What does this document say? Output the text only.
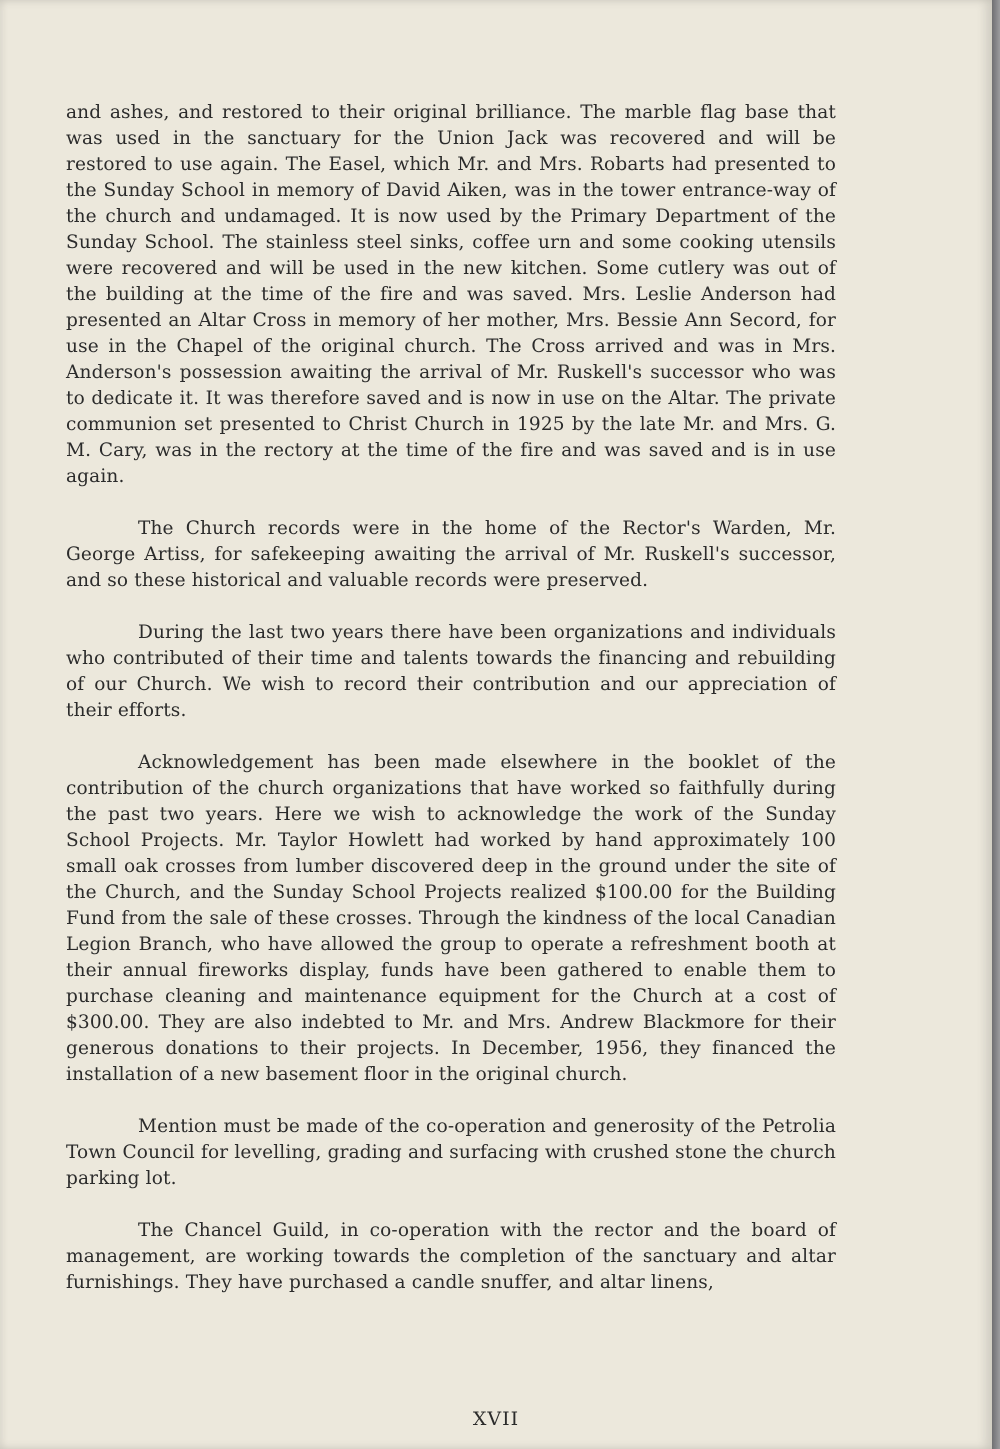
and ashes, and restored to their original brilliance. The marble flag base that was used in the sanctuary for the Union Jack was recovered and will be restored to use again. The Easel, which Mr. and Mrs. Robarts had presented to the Sunday School in memory of David Aiken, was in the tower entrance-way of the church and undamaged. It is now used by the Primary Department of the Sunday School. The stainless steel sinks, coffee urn and some cooking utensils were recovered and will be used in the new kitchen. Some cutlery was out of the building at the time of the fire and was saved. Mrs. Leslie Anderson had presented an Altar Cross in memory of her mother, Mrs. Bessie Ann Secord, for use in the Chapel of the original church. The Cross arrived and was in Mrs. Anderson's possession awaiting the arrival of Mr. Ruskell's successor who was to dedicate it. It was therefore saved and is now in use on the Altar. The private communion set presented to Christ Church in 1925 by the late Mr. and Mrs. G. M. Cary, was in the rectory at the time of the fire and was saved and is in use again.

The Church records were in the home of the Rector's Warden, Mr. George Artiss, for safekeeping awaiting the arrival of Mr. Ruskell's successor, and so these historical and valuable records were preserved.

During the last two years there have been organizations and individuals who contributed of their time and talents towards the financing and rebuilding of our Church. We wish to record their contribution and our appreciation of their efforts.

Acknowledgement has been made elsewhere in the booklet of the contribution of the church organizations that have worked so faithfully during the past two years. Here we wish to acknowledge the work of the Sunday School Projects. Mr. Taylor Howlett had worked by hand approximately 100 small oak crosses from lumber discovered deep in the ground under the site of the Church, and the Sunday School Projects realized $100.00 for the Building Fund from the sale of these crosses. Through the kindness of the local Canadian Legion Branch, who have allowed the group to operate a refreshment booth at their annual fireworks display, funds have been gathered to enable them to purchase cleaning and maintenance equipment for the Church at a cost of $300.00. They are also indebted to Mr. and Mrs. Andrew Blackmore for their generous donations to their projects. In December, 1956, they financed the installation of a new basement floor in the original church.

Mention must be made of the co-operation and generosity of the Petrolia Town Council for levelling, grading and surfacing with crushed stone the church parking lot.

The Chancel Guild, in co-operation with the rector and the board of management, are working towards the completion of the sanctuary and altar furnishings. They have purchased a candle snuffer, and altar linens,

XVII
